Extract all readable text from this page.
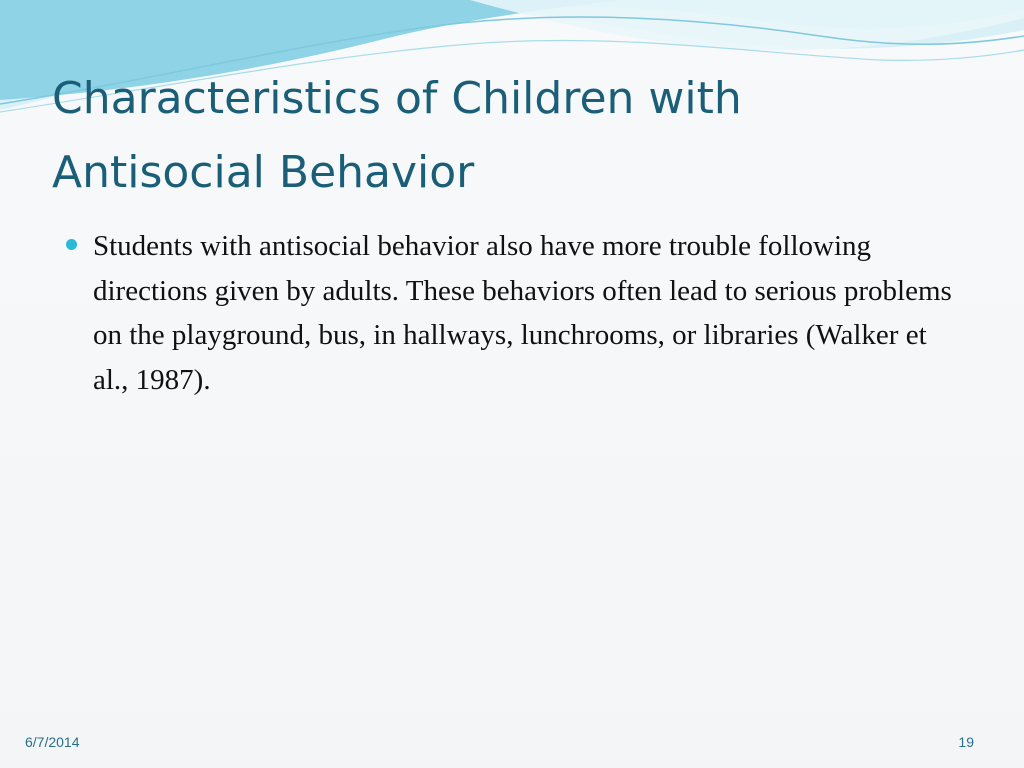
Characteristics of Children with Antisocial Behavior
Students with antisocial behavior also have more trouble following directions given by adults. These behaviors often lead to serious problems on the playground, bus, in hallways, lunchrooms, or libraries (Walker et al., 1987).
6/7/2014	19
